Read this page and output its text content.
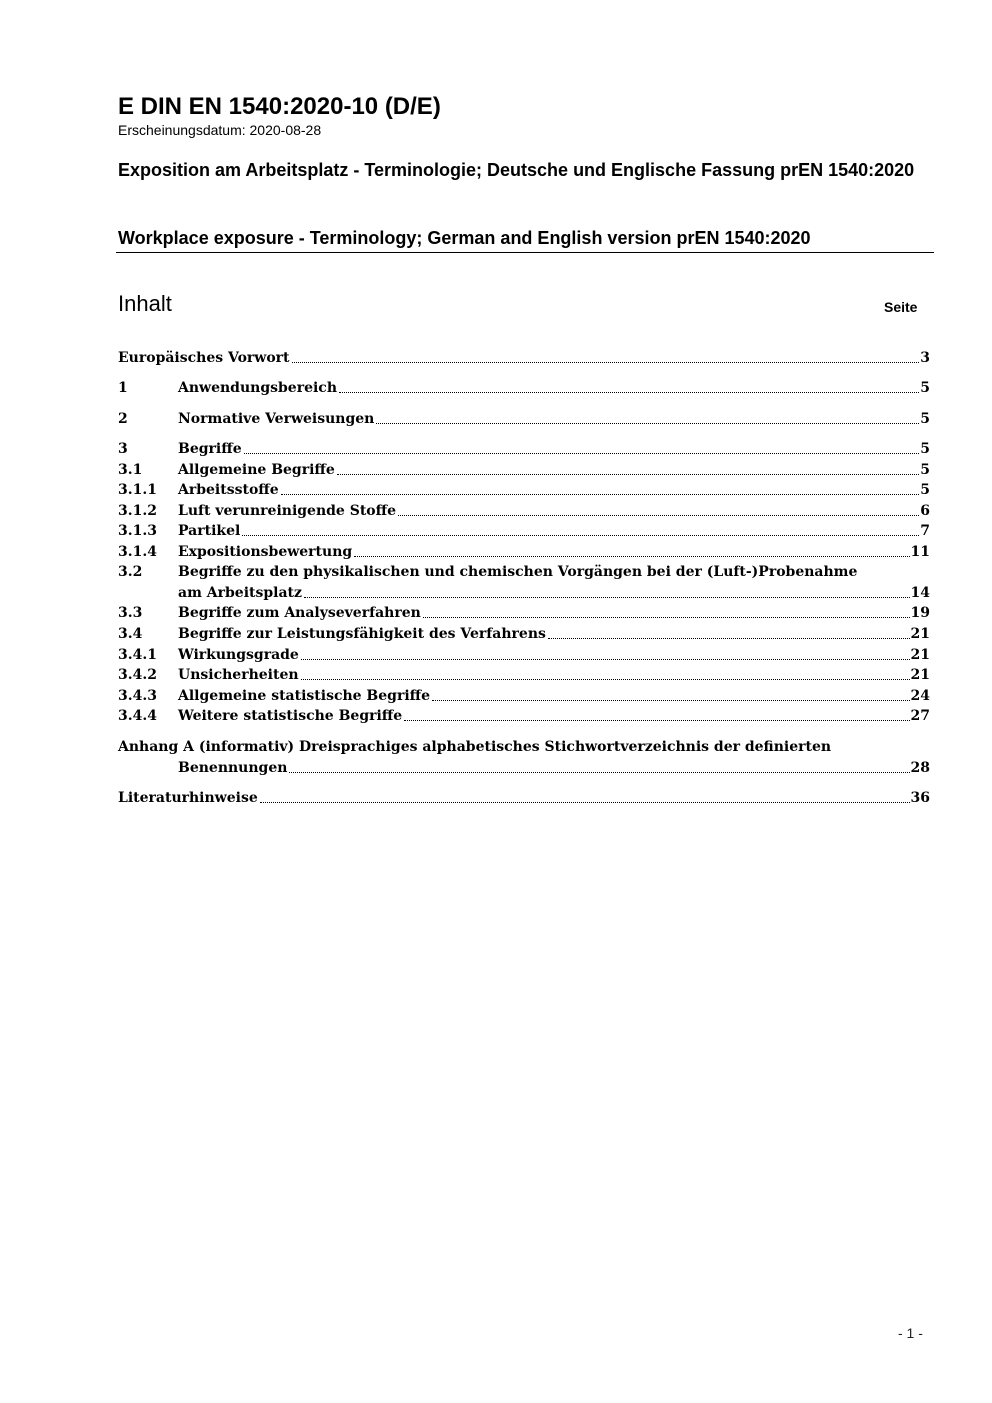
E DIN EN 1540:2020-10 (D/E)
Erscheinungsdatum: 2020-08-28
Exposition am Arbeitsplatz - Terminologie; Deutsche und Englische Fassung prEN 1540:2020
Workplace exposure - Terminology; German and English version prEN 1540:2020
Inhalt	Seite
Europäisches Vorwort	3
1	Anwendungsbereich	5
2	Normative Verweisungen	5
3	Begriffe	5
3.1	Allgemeine Begriffe	5
3.1.1	Arbeitsstoffe	5
3.1.2	Luft verunreinigende Stoffe	6
3.1.3	Partikel	7
3.1.4	Expositionsbewertung	11
3.2	Begriffe zu den physikalischen und chemischen Vorgängen bei der (Luft-)Probenahme
am Arbeitsplatz	14
3.3	Begriffe zum Analyseverfahren	19
3.4	Begriffe zur Leistungsfähigkeit des Verfahrens	21
3.4.1	Wirkungsgrade	21
3.4.2	Unsicherheiten	21
3.4.3	Allgemeine statistische Begriffe	24
3.4.4	Weitere statistische Begriffe	27
Anhang A (informativ) Dreisprachiges alphabetisches Stichwortverzeichnis der definierten
Benennungen	28
Literaturhinweise	36
- 1 -
